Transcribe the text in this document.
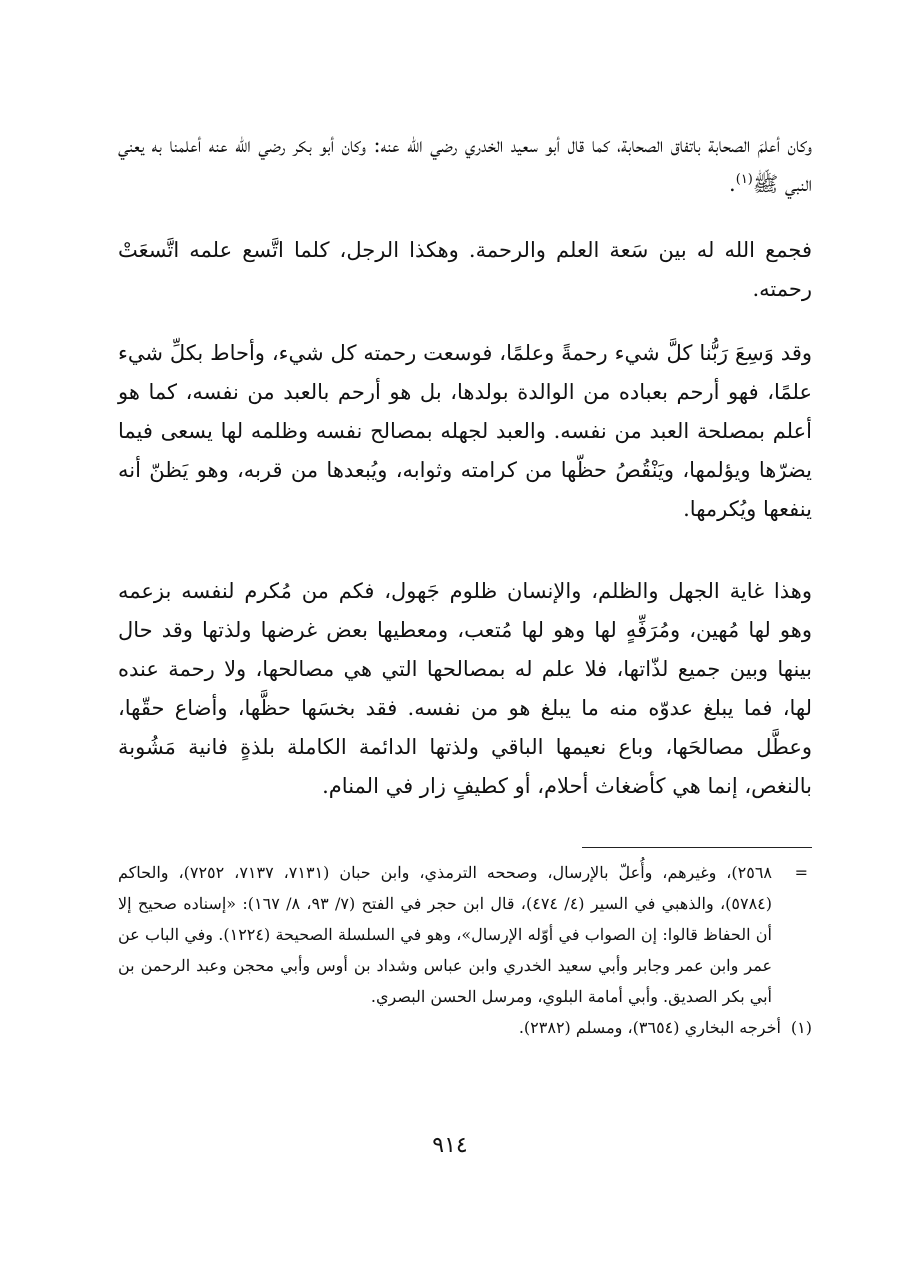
وكان أعلمَ الصحابة باتفاق الصحابة، كما قال أبو سعيد الخدري رضي الله عنه: وكان أبو بكر رضي الله عنه أعلمنا به يعني النبي ﷺ$^{(١)}$.

فجمع الله له بين سَعة العلم والرحمة. وهكذا الرجل، كلما اتَّسع علمه اتَّسعَتْ رحمته.

وقد وَسِعَ رَبُّنا كلَّ شيء رحمةً وعلمًا، فوسعت رحمته كل شيء، وأحاط بكلِّ شيء علمًا، فهو أرحم بعباده من الوالدة بولدها، بل هو أرحم بالعبد من نفسه، كما هو أعلم بمصلحة العبد من نفسه. والعبد لجهله بمصالح نفسه وظلمه لها يسعى فيما يضرّها ويؤلمها، ويَنْقُصُ حظّها من كرامته وثوابه، ويُبعدها من قربه، وهو يَظنّ أنه ينفعها ويُكرمها.

وهذا غاية الجهل والظلم، والإنسان ظلوم جَهول، فكم من مُكرم لنفسه بزعمه وهو لها مُهين، ومُرَفِّهٍ لها وهو لها مُتعب، ومعطيها بعض غرضها ولذتها وقد حال بينها وبين جميع لذّاتها، فلا علم له بمصالحها التي هي مصالحها، ولا رحمة عنده لها، فما يبلغ عدوّه منه ما يبلغ هو من نفسه. فقد بخسَها حظَّها، وأضاع حقّها، وعطَّل مصالحَها، وباع نعيمها الباقي ولذتها الدائمة الكاملة بلذةٍ فانية مَشُوبة بالنغص، إنما هي كأضغاث أحلام، أو كطيفٍ زار في المنام.

=
٢٥٦٨)، وغيرهم، وأُعلّ بالإرسال، وصححه الترمذي، وابن حبان (٧١٣١، ٧١٣٧، ٧٢٥٢)، والحاكم (٥٧٨٤)، والذهبي في السير (٤/ ٤٧٤)، قال ابن حجر في الفتح (٧/ ٩٣، ٨/ ١٦٧): «إسناده صحيح إلا أن الحفاظ قالوا: إن الصواب في أوّله الإرسال»، وهو في السلسلة الصحيحة (١٢٢٤). وفي الباب عن عمر وابن عمر وجابر وأبي سعيد الخدري وابن عباس وشداد بن أوس وأبي محجن وعبد الرحمن بن أبي بكر الصديق. وأبي أمامة البلوي، ومرسل الحسن البصري.

(١)أخرجه البخاري (٣٦٥٤)، ومسلم (٢٣٨٢).

٩١٤
